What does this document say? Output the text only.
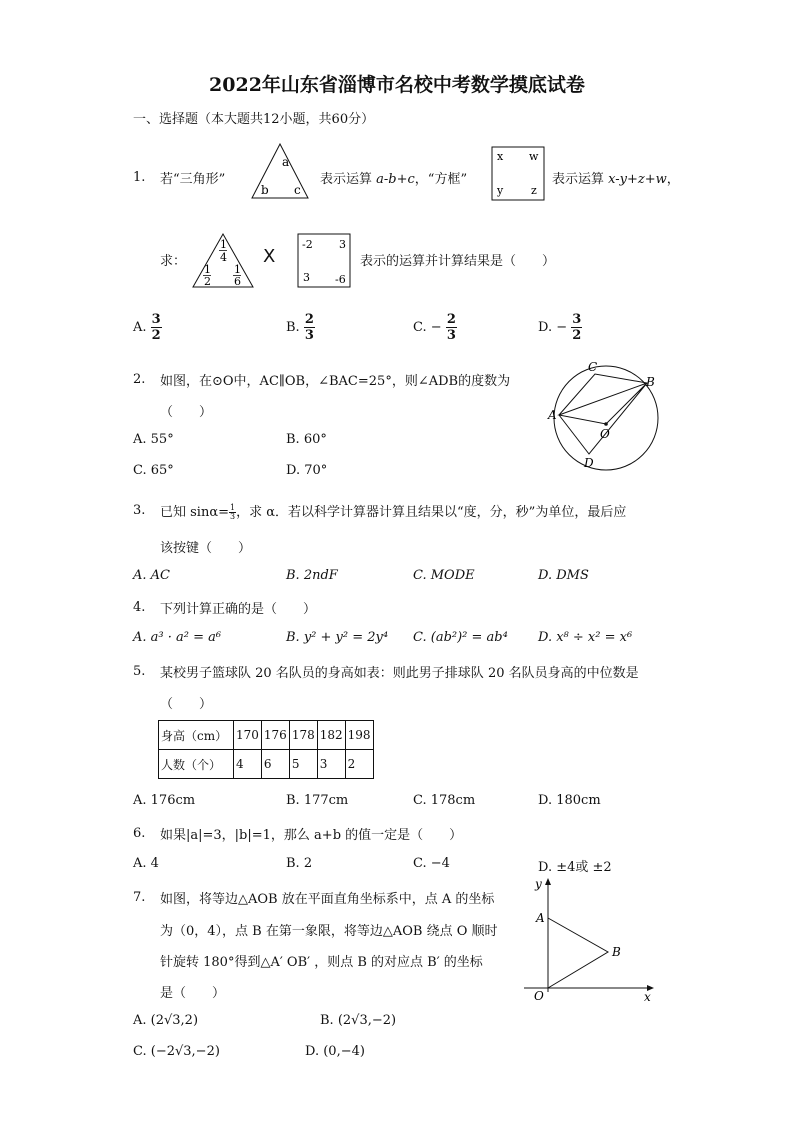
2022年山东省淄博市名校中考数学摸底试卷
一、选择题（本大题共12小题，共60分）
1. 若“三角形”
a
b c
表示运算 a-b+c，“方框”
x w
y	z
表示运算 x-y+z+w，
求：
1
4
1
2
1
6
X
-2 3
3 -6
表示的运算并计算结果是（　　）
A. $\frac{3}{2}$	B. $\frac{2}{3}$	C. − $\frac{2}{3}$	D. − $\frac{3}{2}$
2. 如图，在⊙O中，AC∥OB，∠BAC=25°，则∠ADB的度数为
（　　）
A. 55°	B. 60°
C. 65°	D. 70°
C
B
A
O
D
3. 已知 $\sin\alpha= \frac{1}{3}$ ，求 α．若以科学计算器计算且结果以“度，分，秒”为单位，最后应
该按键（　　）
A. AC	B. 2ndF	C. MODE	D. DMS
4. 下列计算正确的是（　　）
A. a³ · a² = a⁶	B. y² + y² = 2y⁴ C. (ab²)² = ab⁴ D. x⁸ ÷ x² = x⁶
5. 某校男子篮球队 20 名队员的身高如表：则此男子排球队 20 名队员身高的中位数是
（　　）
身高（cm）	170	176	178	182	198
人数（个）	4	6	5	3	2
A. 176cm	B. 177cm	C. 178cm	D. 180cm
6. 如果|a|=3，|b|=1，那么 a+b 的值一定是（　　）
A. 4	B. 2	C. −4	D. ±4或 ±2
7. 如图，将等边△AOB 放在平面直角坐标系中，点 A 的坐标
为（0，4），点 B 在第一象限，将等边△AOB 绕点 O 顺时
针旋转 180°得到△A′ OB′ ，则点 B 的对应点 B′ 的坐标
是（　　）
A. (2√3,2)	B. (2√3,−2)
C. (−2√3,−2)	D. (0,−4)
y
A
B
O	x
